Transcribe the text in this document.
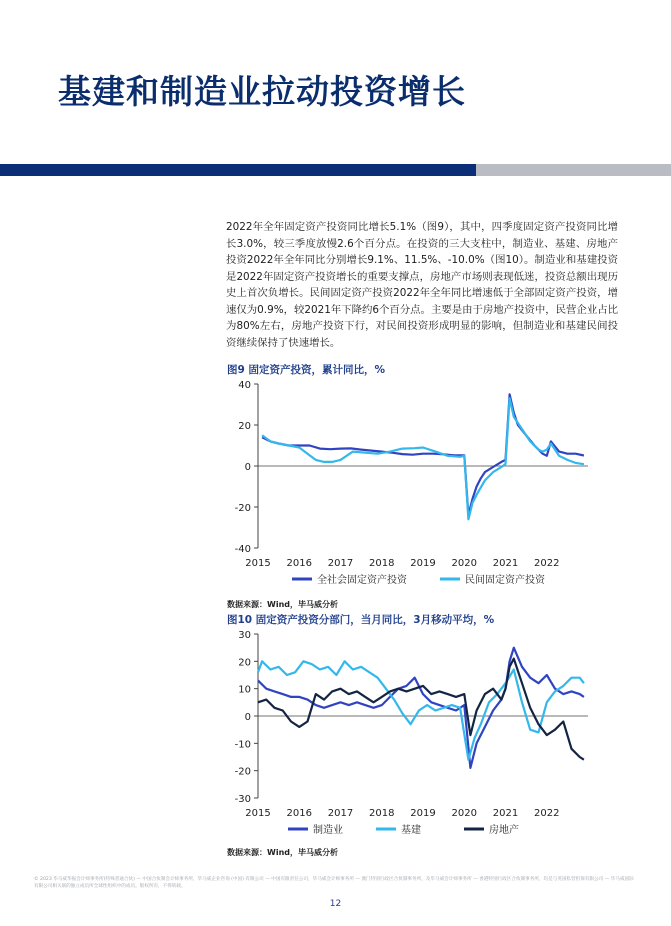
基建和制造业拉动投资增长

2022年全年固定资产投资同比增长5.1%（图9），其中，四季度固定资产投资同比增长3.0%，较三季度放慢2.6个百分点。在投资的三大支柱中，制造业、基建、房地产投资2022年全年同比分别增长9.1%、11.5%、-10.0%（图10）。制造业和基建投资是2022年固定资产投资增长的重要支撑点，房地产市场则表现低迷，投资总额出现历史上首次负增长。民间固定资产投资2022年全年同比增速低于全部固定资产投资，增速仅为0.9%，较2021年下降约6个百分点。主要是由于房地产投资中，民营企业占比为80%左右，房地产投资下行，对民间投资形成明显的影响，但制造业和基建民间投资继续保持了快速增长。

图9 固定资产投资，累计同比，%

40
20
0
-20
-40
2015 2016 2017 2018 2019 2020 2021 2022
全社会固定资产投资	民间固定资产投资
数据来源：Wind，毕马威分析

图10 固定资产投资分部门，当月同比，3月移动平均，%

30
20
10
0
-10
-20
-30
2015 2016 2017 2018 2019 2020 2021 2022
制造业	基建	房地产
数据来源：Wind，毕马威分析

© 2023 毕马威华振会计师事务所(特殊普通合伙) — 中国合伙制会计师事务所，毕马威企业咨询 (中国) 有限公司 — 中国有限责任公司，毕马威会计师事务所 — 澳门特别行政区合伙制事务所，及毕马威会计师事务所 — 香港特别行政区合伙制事务所，均是与英国私营担保有限公司 — 毕马威国际有限公司相关联的独立成员所全球性组织中的成员。版权所有，不得转载。

12
